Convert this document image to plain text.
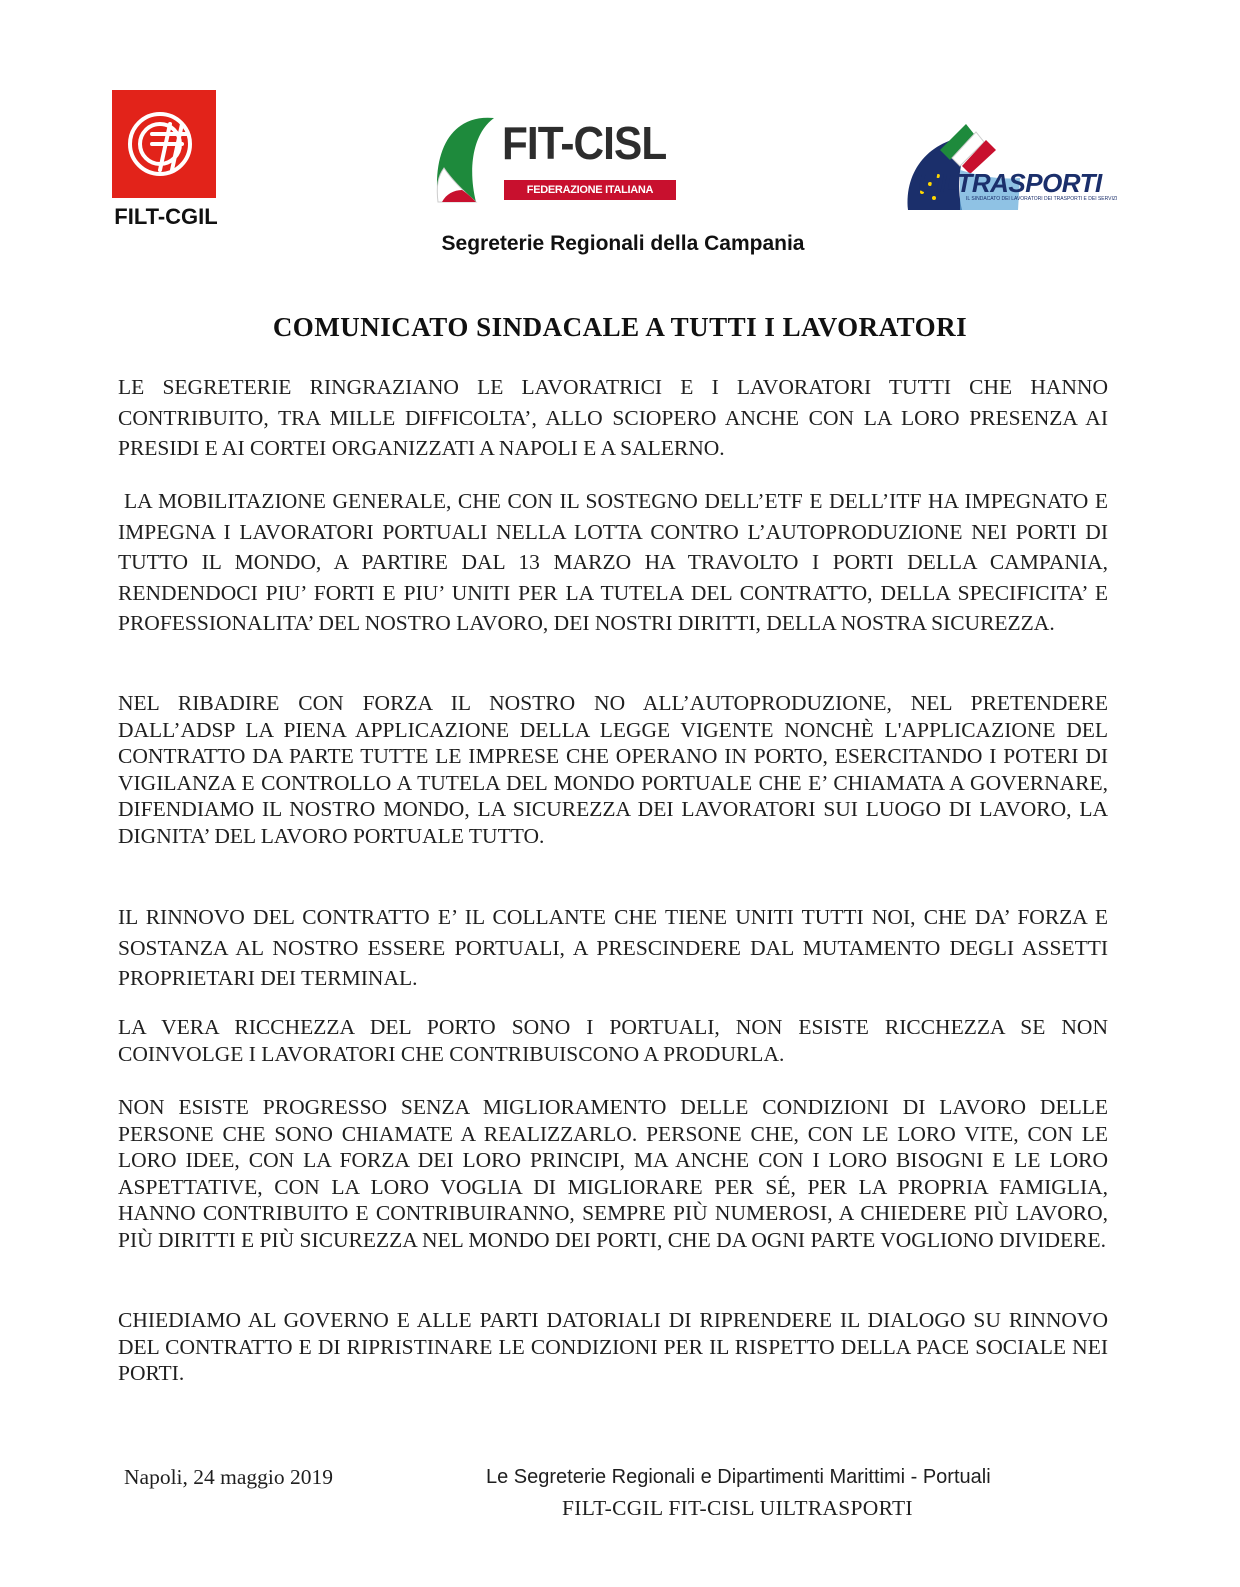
FILT-CGIL
FIT-CISL
FEDERAZIONE ITALIANA TRASPORTI
UILTRASPORTI
IL SINDACATO DEI LAVORATORI DEI TRASPORTI E DEI SERVIZI
Segreterie Regionali della Campania
COMUNICATO SINDACALE A TUTTI I LAVORATORI

LE SEGRETERIE RINGRAZIANO LE LAVORATRICI E I LAVORATORI TUTTI CHE HANNO CONTRIBUITO, TRA MILLE DIFFICOLTA’, ALLO SCIOPERO ANCHE CON LA LORO PRESENZA AI PRESIDI E AI CORTEI ORGANIZZATI A NAPOLI E A SALERNO.

LA MOBILITAZIONE GENERALE, CHE CON IL SOSTEGNO DELL’ETF E DELL’ITF HA IMPEGNATO E IMPEGNA I LAVORATORI PORTUALI NELLA LOTTA CONTRO L’AUTOPRODUZIONE NEI PORTI DI TUTTO IL MONDO, A PARTIRE DAL 13 MARZO HA TRAVOLTO I PORTI DELLA CAMPANIA, RENDENDOCI PIU’ FORTI E PIU’ UNITI PER LA TUTELA DEL CONTRATTO, DELLA SPECIFICITA’ E PROFESSIONALITA’ DEL NOSTRO LAVORO, DEI NOSTRI DIRITTI, DELLA NOSTRA SICUREZZA.

NEL RIBADIRE CON FORZA IL NOSTRO NO ALL’AUTOPRODUZIONE, NEL PRETENDERE DALL’ADSP LA PIENA APPLICAZIONE DELLA LEGGE VIGENTE NONCHÈ L'APPLICAZIONE DEL CONTRATTO DA PARTE TUTTE LE IMPRESE CHE OPERANO IN PORTO, ESERCITANDO I POTERI DI VIGILANZA E CONTROLLO A TUTELA DEL MONDO PORTUALE CHE E’ CHIAMATA A GOVERNARE, DIFENDIAMO IL NOSTRO MONDO, LA SICUREZZA DEI LAVORATORI SUI LUOGO DI LAVORO, LA DIGNITA’ DEL LAVORO PORTUALE TUTTO.

IL RINNOVO DEL CONTRATTO E’ IL COLLANTE CHE TIENE UNITI TUTTI NOI, CHE DA’ FORZA E SOSTANZA AL NOSTRO ESSERE PORTUALI, A PRESCINDERE DAL MUTAMENTO DEGLI ASSETTI PROPRIETARI DEI TERMINAL.

LA VERA RICCHEZZA DEL PORTO SONO I PORTUALI, NON ESISTE RICCHEZZA SE NON COINVOLGE I LAVORATORI CHE CONTRIBUISCONO A PRODURLA.

NON ESISTE PROGRESSO SENZA MIGLIORAMENTO DELLE CONDIZIONI DI LAVORO DELLE PERSONE CHE SONO CHIAMATE A REALIZZARLO. PERSONE CHE, CON LE LORO VITE, CON LE LORO IDEE, CON LA FORZA DEI LORO PRINCIPI, MA ANCHE CON I LORO BISOGNI E LE LORO ASPETTATIVE, CON LA LORO VOGLIA DI MIGLIORARE PER SÉ, PER LA PROPRIA FAMIGLIA, HANNO CONTRIBUITO E CONTRIBUIRANNO, SEMPRE PIÙ NUMEROSI, A CHIEDERE PIÙ LAVORO, PIÙ DIRITTI E PIÙ SICUREZZA NEL MONDO DEI PORTI, CHE DA OGNI PARTE VOGLIONO DIVIDERE.

CHIEDIAMO AL GOVERNO E ALLE PARTI DATORIALI DI RIPRENDERE IL DIALOGO SU RINNOVO DEL CONTRATTO E DI RIPRISTINARE LE CONDIZIONI PER IL RISPETTO DELLA PACE SOCIALE NEI PORTI.

Napoli, 24 maggio 2019	Le Segreterie Regionali e Dipartimenti Marittimi - Portuali
FILT-CGIL FIT-CISL UILTRASPORTI
